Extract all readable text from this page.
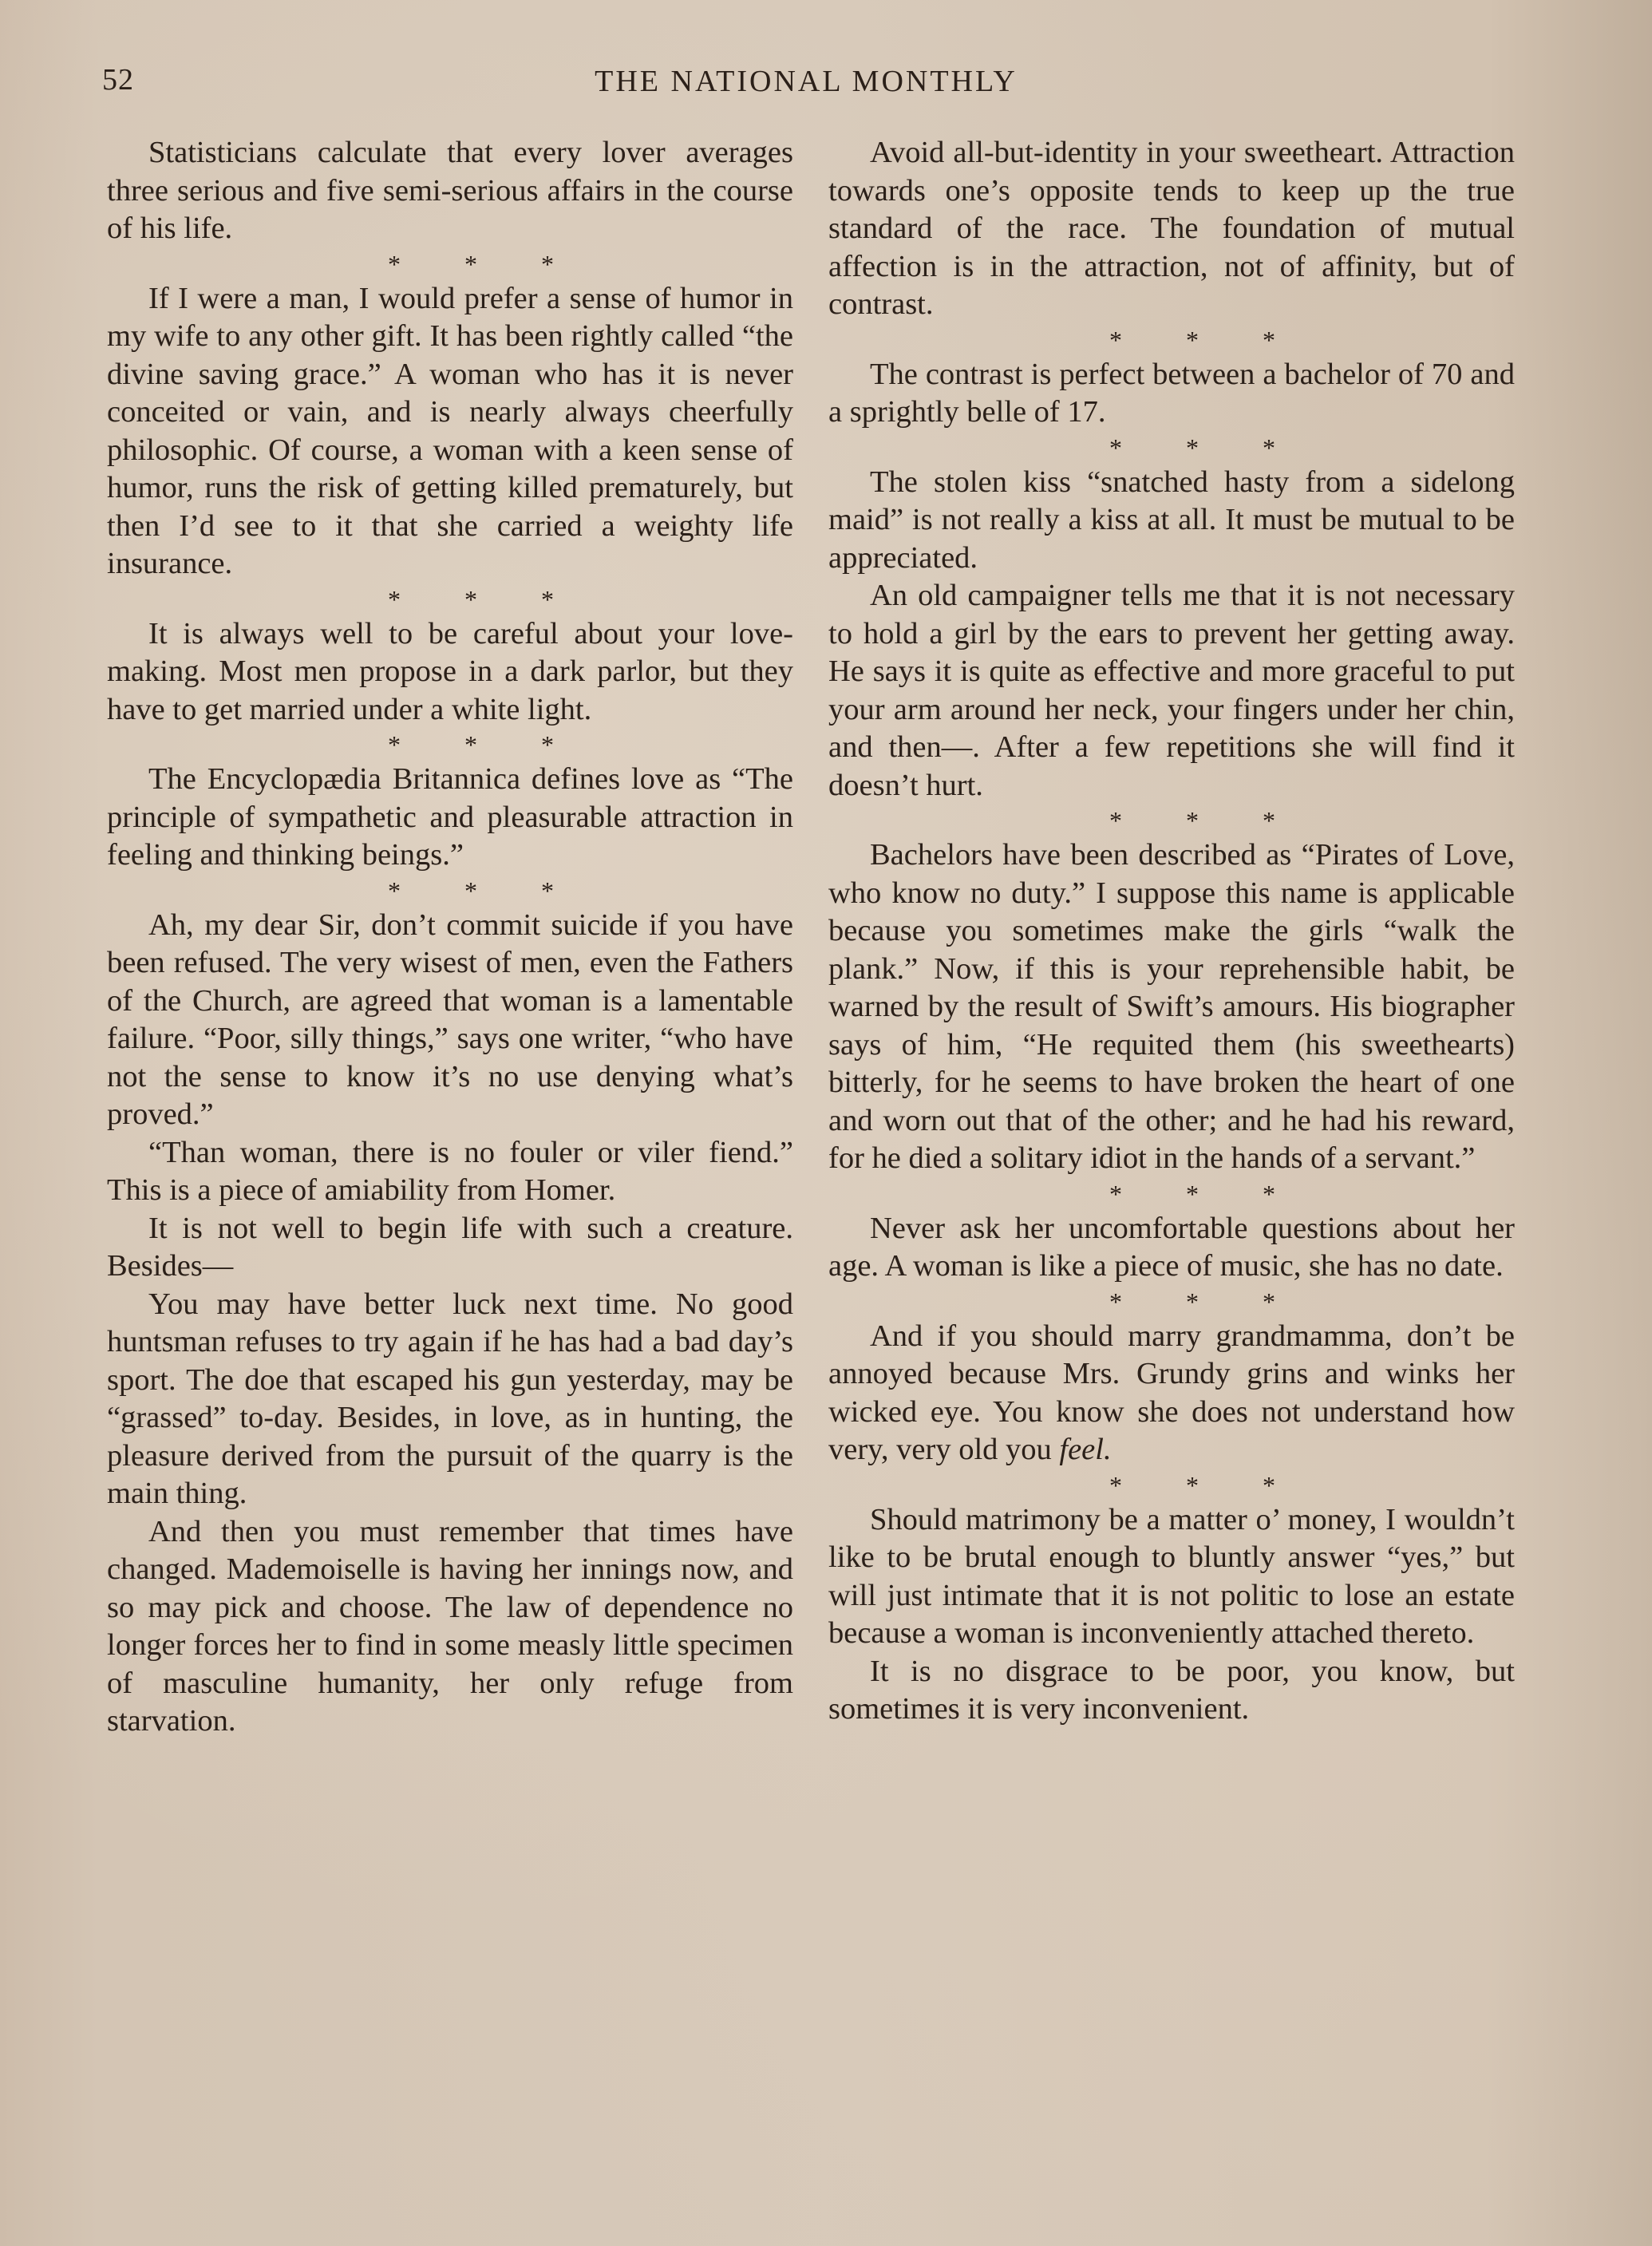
52	THE NATIONAL MONTHLY

Statisticians calculate that every lover averages three serious and five semi-serious affairs in the course of his life.

* * *

If I were a man, I would prefer a sense of humor in my wife to any other gift. It has been rightly called “the divine saving grace.” A woman who has it is never conceited or vain, and is nearly always cheerfully philosophic. Of course, a woman with a keen sense of humor, runs the risk of getting killed prematurely, but then I’d see to it that she carried a weighty life insurance.

* * *

It is always well to be careful about your love-making. Most men propose in a dark parlor, but they have to get married under a white light.

* * *

The Encyclopædia Britannica defines love as “The principle of sympathetic and pleasurable attraction in feeling and thinking beings.”

* * *

Ah, my dear Sir, don’t commit suicide if you have been refused. The very wisest of men, even the Fathers of the Church, are agreed that woman is a lamentable failure. “Poor, silly things,” says one writer, “who have not the sense to know it’s no use denying what’s proved.”

“Than woman, there is no fouler or viler fiend.” This is a piece of amiability from Homer.

It is not well to begin life with such a creature. Besides—

You may have better luck next time. No good huntsman refuses to try again if he has had a bad day’s sport. The doe that escaped his gun yesterday, may be “grassed” to-day. Besides, in love, as in hunting, the pleasure derived from the pursuit of the quarry is the main thing.

And then you must remember that times have changed. Mademoiselle is having her innings now, and so may pick and choose. The law of dependence no longer forces her to find in some measly little specimen of masculine humanity, her only refuge from starvation.

Avoid all-but-identity in your sweetheart. Attraction towards one’s opposite tends to keep up the true standard of the race. The foundation of mutual affection is in the attraction, not of affinity, but of contrast.

* * *

The contrast is perfect between a bachelor of 70 and a sprightly belle of 17.

* * *

The stolen kiss “snatched hasty from a sidelong maid” is not really a kiss at all. It must be mutual to be appreciated.

An old campaigner tells me that it is not necessary to hold a girl by the ears to prevent her getting away. He says it is quite as effective and more graceful to put your arm around her neck, your fingers under her chin, and then—. After a few repetitions she will find it doesn’t hurt.

* * *

Bachelors have been described as “Pirates of Love, who know no duty.” I suppose this name is applicable because you sometimes make the girls “walk the plank.” Now, if this is your reprehensible habit, be warned by the result of Swift’s amours. His biographer says of him, “He requited them (his sweethearts) bitterly, for he seems to have broken the heart of one and worn out that of the other; and he had his reward, for he died a solitary idiot in the hands of a servant.”

* * *

Never ask her uncomfortable questions about her age. A woman is like a piece of music, she has no date.

* * *

And if you should marry grandmamma, don’t be annoyed because Mrs. Grundy grins and winks her wicked eye. You know she does not understand how very, very old you feel.

* * *

Should matrimony be a matter o’ money, I wouldn’t like to be brutal enough to bluntly answer “yes,” but will just intimate that it is not politic to lose an estate because a woman is inconveniently attached thereto.

It is no disgrace to be poor, you know, but sometimes it is very inconvenient.
